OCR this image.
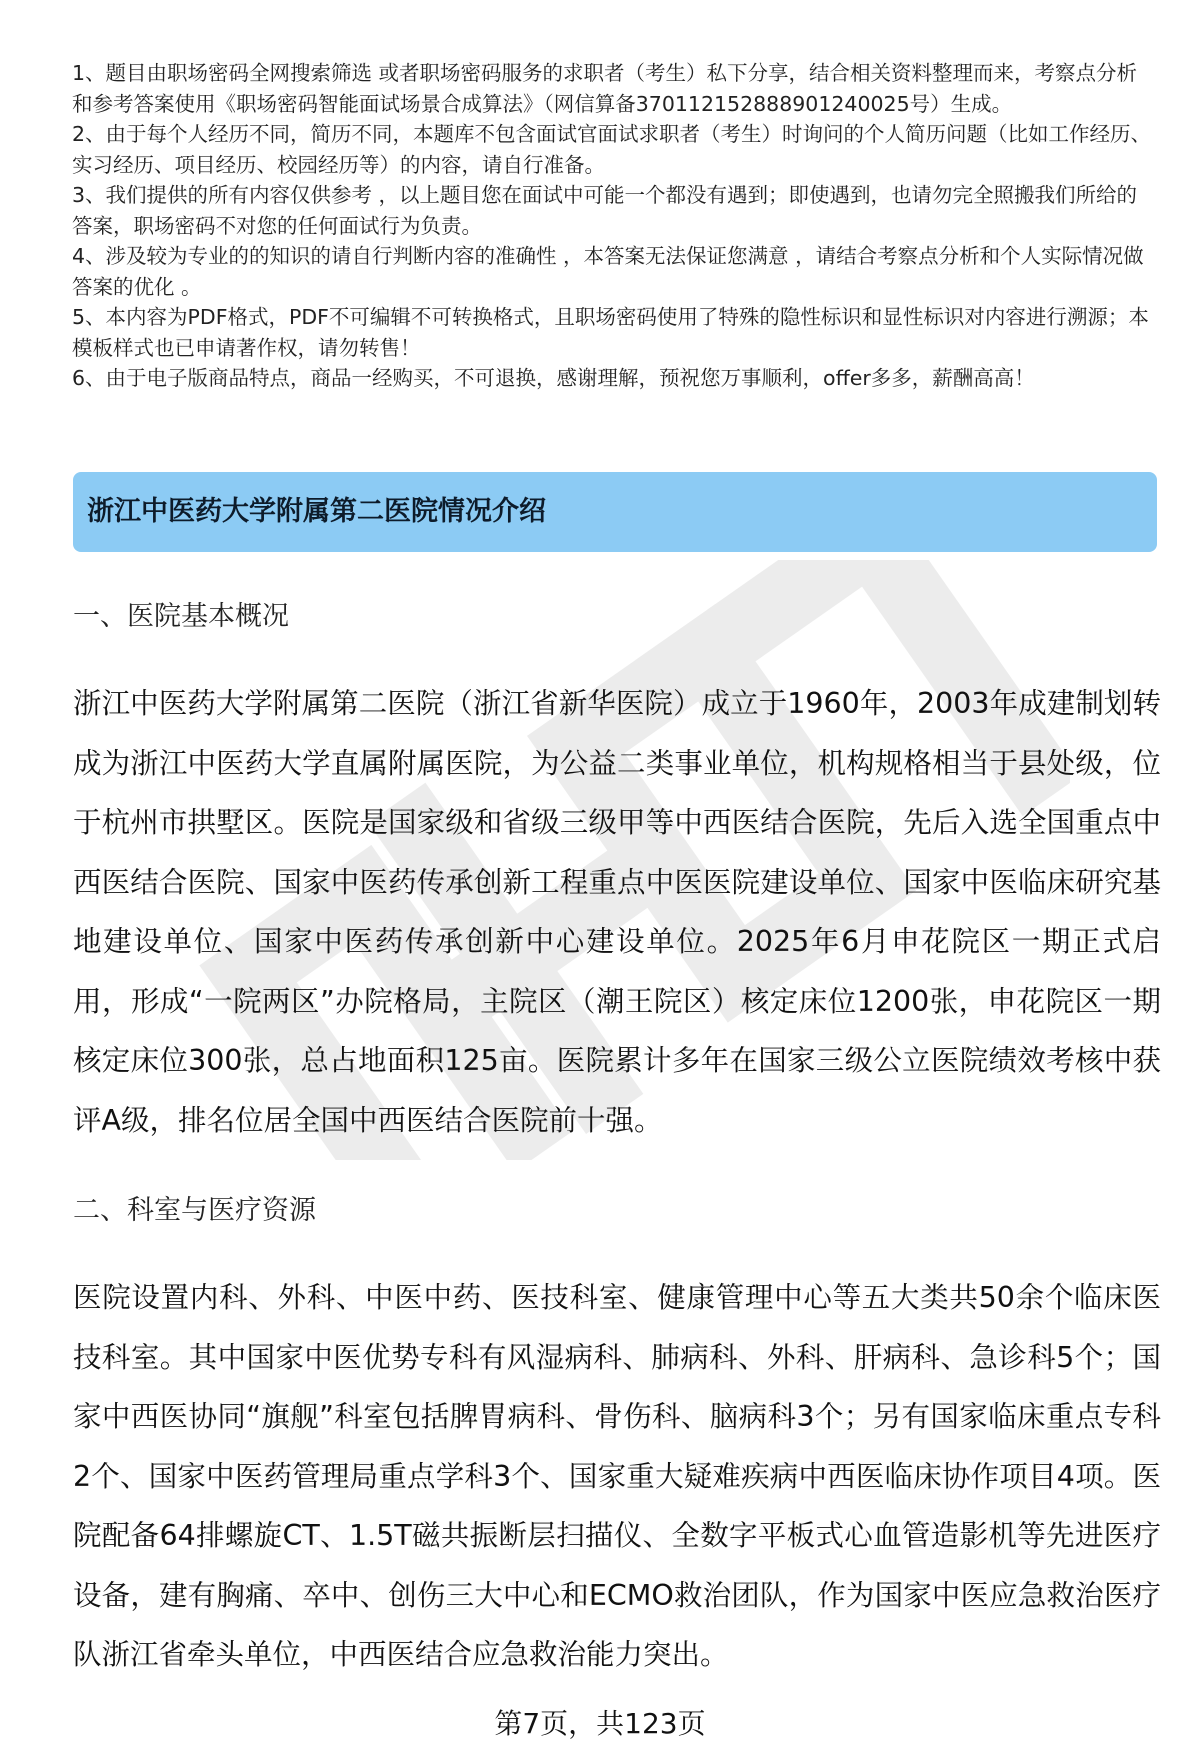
1、题目由职场密码全网搜索筛选 或者职场密码服务的求职者（考生）私下分享，结合相关资料整理而来，考察点分析和参考答案使用《职场密码智能面试场景合成算法》（网信算备370112152888901240025号）生成。
2、由于每个人经历不同，简历不同，本题库不包含面试官面试求职者（考生）时询问的个人简历问题（比如工作经历、实习经历、项目经历、校园经历等）的内容，请自行准备。
3、我们提供的所有内容仅供参考 ，以上题目您在面试中可能一个都没有遇到；即使遇到，也请勿完全照搬我们所给的答案，职场密码不对您的任何面试行为负责。
4、涉及较为专业的的知识的请自行判断内容的准确性 ，本答案无法保证您满意 ，请结合考察点分析和个人实际情况做答案的优化 。
5、本内容为PDF格式，PDF不可编辑不可转换格式，且职场密码使用了特殊的隐性标识和显性标识对内容进行溯源；本模板样式也已申请著作权，请勿转售！
6、由于电子版商品特点，商品一经购买，不可退换，感谢理解，预祝您万事顺利，offer多多，薪酬高高！
浙江中医药大学附属第二医院情况介绍
一、医院基本概况

浙江中医药大学附属第二医院（浙江省新华医院）成立于1960年，2003年成建制划转成为浙江中医药大学直属附属医院，为公益二类事业单位，机构规格相当于县处级，位于杭州市拱墅区。医院是国家级和省级三级甲等中西医结合医院，先后入选全国重点中西医结合医院、国家中医药传承创新工程重点中医医院建设单位、国家中医临床研究基地建设单位、国家中医药传承创新中心建设单位。2025年6月申花院区一期正式启用，形成“一院两区”办院格局，主院区（潮王院区）核定床位1200张，申花院区一期核定床位300张，总占地面积125亩。医院累计多年在国家三级公立医院绩效考核中获评A级，排名位居全国中西医结合医院前十强。

二、科室与医疗资源

医院设置内科、外科、中医中药、医技科室、健康管理中心等五大类共50余个临床医技科室。其中国家中医优势专科有风湿病科、肺病科、外科、肝病科、急诊科5个；国家中西医协同“旗舰”科室包括脾胃病科、骨伤科、脑病科3个；另有国家临床重点专科2个、国家中医药管理局重点学科3个、国家重大疑难疾病中西医临床协作项目4项。医院配备64排螺旋CT、1.5T磁共振断层扫描仪、全数字平板式心血管造影机等先进医疗设备，建有胸痛、卒中、创伤三大中心和ECMO救治团队，作为国家中医应急救治医疗队浙江省牵头单位，中西医结合应急救治能力突出。

第7页，共123页
